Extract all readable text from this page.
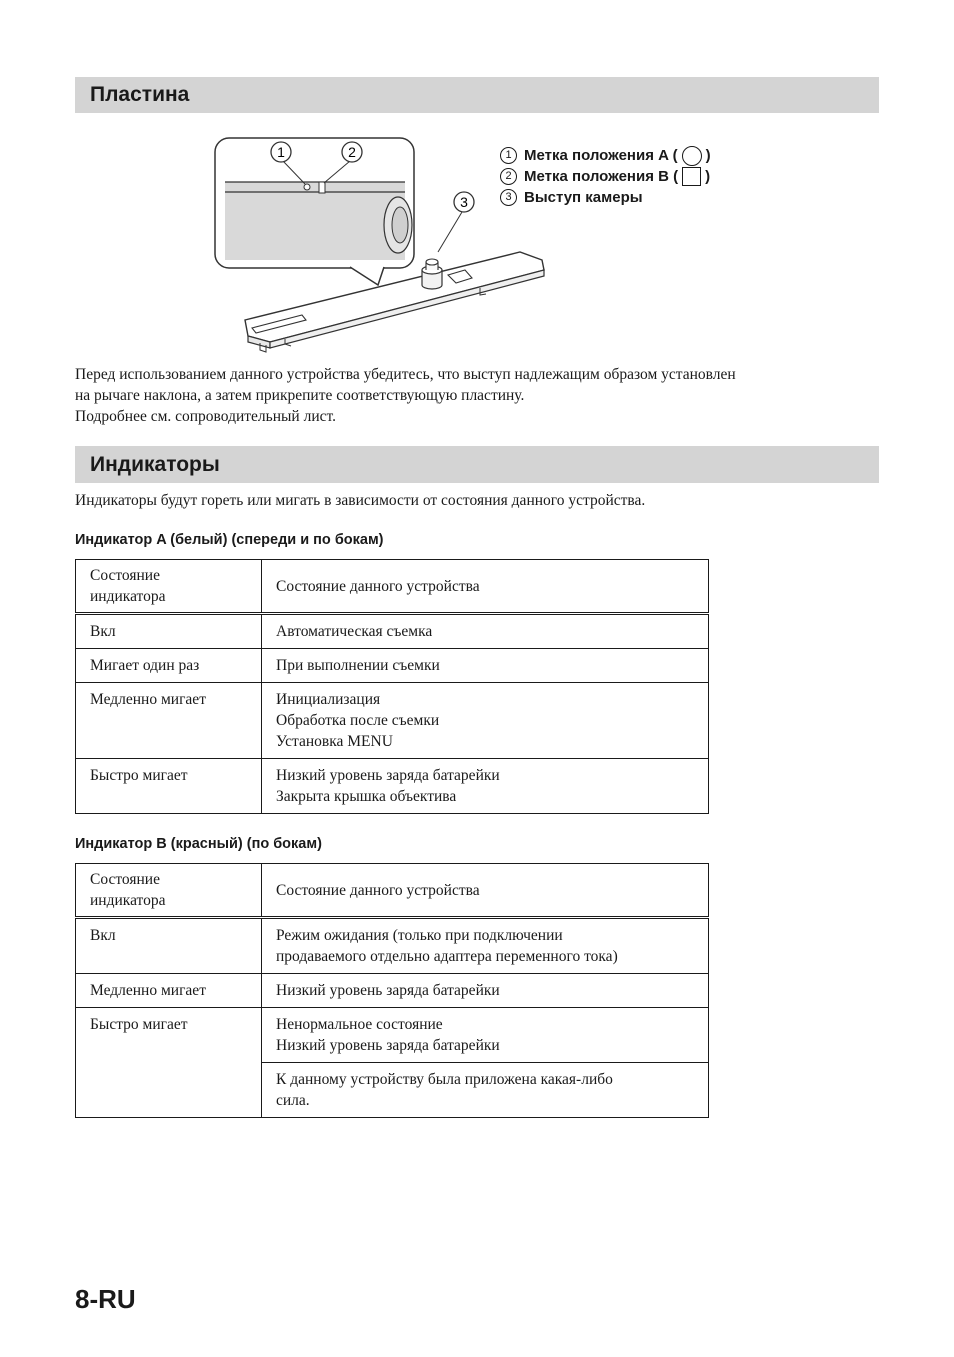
Пластина
1	2
3
1 Метка положения A ( ○ )
2 Метка положения B ( )
3 Выступ камеры
Перед использованием данного устройства убедитесь, что выступ надлежащим образом установлен
на рычаге наклона, а затем прикрепите соответствующую пластину.
Подробнее см. сопроводительный лист.
Индикаторы
Индикаторы будут гореть или мигать в зависимости от состояния данного устройства.
Индикатор A (белый) (спереди и по бокам)
Состояние
индикатора	Состояние данного устройства
Вкл	Автоматическая съемка

Мигает один раз	При выполнении съемки

Медленно мигает	Инициализация
Обработка после съемки
Установка MENU

Быстро мигает	Низкий уровень заряда батарейки
Закрыта крышка объектива
Индикатор B (красный) (по бокам)
Состояние
индикатора	Состояние данного устройства
Вкл	Режим ожидания (только при подключении
продаваемого отдельно адаптера переменного тока)

Медленно мигает	Низкий уровень заряда батарейки

Быстро мигает	Ненормальное состояние
Низкий уровень заряда батарейки

	К данному устройству была приложена какая-либо
сила.
8-RU
